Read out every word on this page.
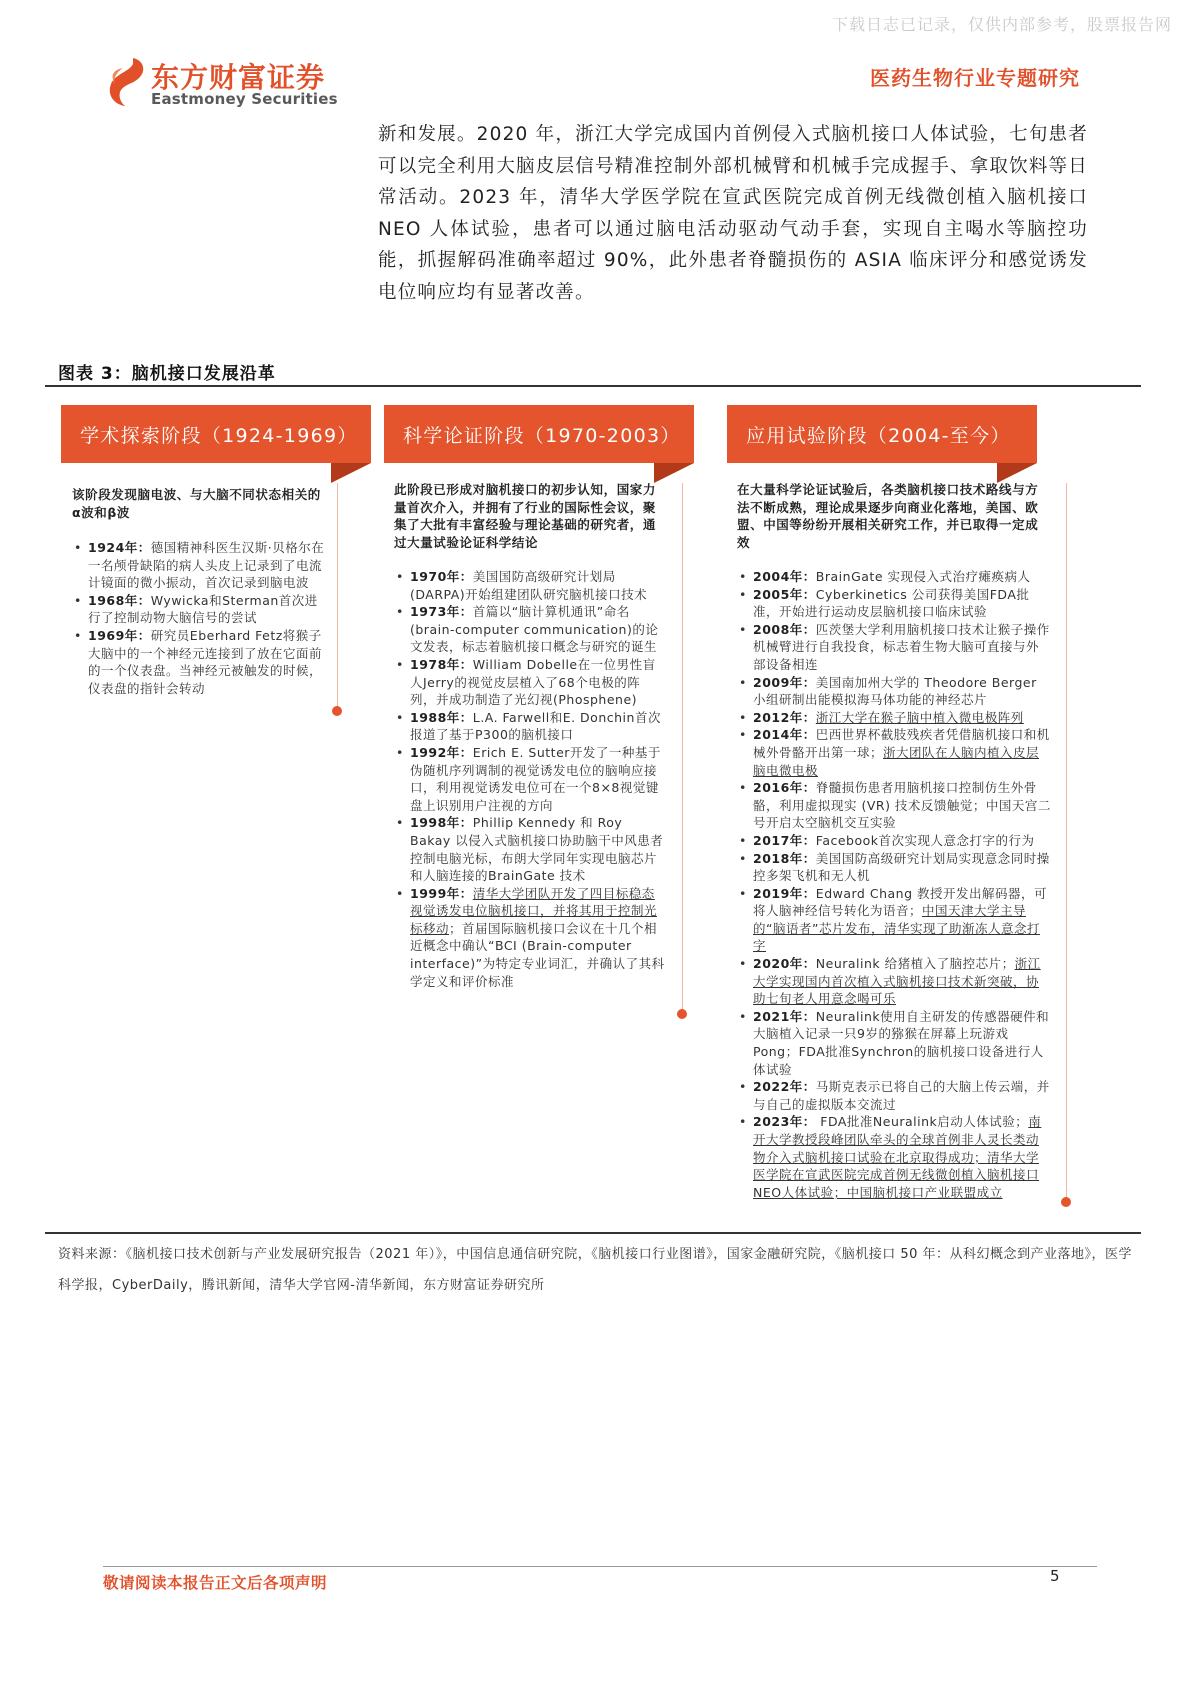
下载日志已记录，仅供内部参考，股票报告网
东方财富证券
Eastmoney Securities
医药生物行业专题研究
新和发展。2020 年，浙江大学完成国内首例侵入式脑机接口人体试验，七旬患者可以完全利用大脑皮层信号精准控制外部机械臂和机械手完成握手、拿取饮料等日常活动。2023 年，清华大学医学院在宣武医院完成首例无线微创植入脑机接口 NEO 人体试验，患者可以通过脑电活动驱动气动手套，实现自主喝水等脑控功能，抓握解码准确率超过 90%，此外患者脊髓损伤的 ASIA 临床评分和感觉诱发电位响应均有显著改善。
图表 3：脑机接口发展沿革
学术探索阶段（1924-1969）
该阶段发现脑电波、与大脑不同状态相关的α波和β波
• 1924年：德国精神科医生汉斯·贝格尔在一名颅骨缺陷的病人头皮上记录到了电流计镜面的微小振动，首次记录到脑电波
• 1968年：Wywicka和Sterman首次进行了控制动物大脑信号的尝试
• 1969年：研究员Eberhard Fetz将猴子大脑中的一个神经元连接到了放在它面前的一个仪表盘。当神经元被触发的时候，仪表盘的指针会转动
科学论证阶段（1970-2003）
此阶段已形成对脑机接口的初步认知，国家力量首次介入，并拥有了行业的国际性会议，聚集了大批有丰富经验与理论基础的研究者，通过大量试验论证科学结论
• 1970年：美国国防高级研究计划局(DARPA)开始组建团队研究脑机接口技术
• 1973年：首篇以“脑计算机通讯”命名(brain-computer communication)的论文发表，标志着脑机接口概念与研究的诞生
• 1978年：William Dobelle在一位男性盲人Jerry的视觉皮层植入了68个电极的阵列，并成功制造了光幻视(Phosphene)
• 1988年：L.A. Farwell和E. Donchin首次报道了基于P300的脑机接口
• 1992年：Erich E. Sutter开发了一种基于伪随机序列调制的视觉诱发电位的脑响应接口，利用视觉诱发电位可在一个8×8视觉键盘上识别用户注视的方向
• 1998年：Phillip Kennedy 和 Roy Bakay 以侵入式脑机接口协助脑干中风患者控制电脑光标，布朗大学同年实现电脑芯片和人脑连接的BrainGate 技术
• 1999年：清华大学团队开发了四目标稳态视觉诱发电位脑机接口，并将其用于控制光标移动；首届国际脑机接口会议在十几个相近概念中确认“BCI (Brain-computer interface)”为特定专业词汇，并确认了其科学定义和评价标准
应用试验阶段（2004-至今）
在大量科学论证试验后，各类脑机接口技术路线与方法不断成熟，理论成果逐步向商业化落地，美国、欧盟、中国等纷纷开展相关研究工作，并已取得一定成效
• 2004年：BrainGate 实现侵入式治疗瘫痪病人
• 2005年：Cyberkinetics 公司获得美国FDA批准，开始进行运动皮层脑机接口临床试验
• 2008年：匹茨堡大学利用脑机接口技术让猴子操作机械臂进行自我投食，标志着生物大脑可直接与外部设备相连
• 2009年：美国南加州大学的 Theodore Berger 小组研制出能模拟海马体功能的神经芯片
• 2012年：浙江大学在猴子脑中植入微电极阵列
• 2014年：巴西世界杯截肢残疾者凭借脑机接口和机械外骨骼开出第一球；浙大团队在人脑内植入皮层脑电微电极
• 2016年：脊髓损伤患者用脑机接口控制仿生外骨骼，利用虚拟现实 (VR) 技术反馈触觉；中国天宫二号开启太空脑机交互实验
• 2017年：Facebook首次实现人意念打字的行为
• 2018年：美国国防高级研究计划局实现意念同时操控多架飞机和无人机
• 2019年：Edward Chang 教授开发出解码器，可将人脑神经信号转化为语音；中国天津大学主导的“脑语者”芯片发布，清华实现了助渐冻人意念打字
• 2020年：Neuralink 给猪植入了脑控芯片；浙江大学实现国内首次植入式脑机接口技术新突破，协助七旬老人用意念喝可乐
• 2021年：Neuralink使用自主研发的传感器硬件和大脑植入记录一只9岁的猕猴在屏幕上玩游戏Pong；FDA批准Synchron的脑机接口设备进行人体试验
• 2022年：马斯克表示已将自己的大脑上传云端，并与自己的虚拟版本交流过
• 2023年： FDA批准Neuralink启动人体试验；南开大学教授段峰团队牵头的全球首例非人灵长类动物介入式脑机接口试验在北京取得成功；清华大学医学院在宣武医院完成首例无线微创植入脑机接口NEO人体试验；中国脑机接口产业联盟成立
资料来源：《脑机接口技术创新与产业发展研究报告（2021 年）》，中国信息通信研究院，《脑机接口行业图谱》，国家金融研究院，《脑机接口 50 年：从科幻概念到产业落地》，医学科学报，CyberDaily，腾讯新闻，清华大学官网-清华新闻，东方财富证券研究所
敬请阅读本报告正文后各项声明	5
